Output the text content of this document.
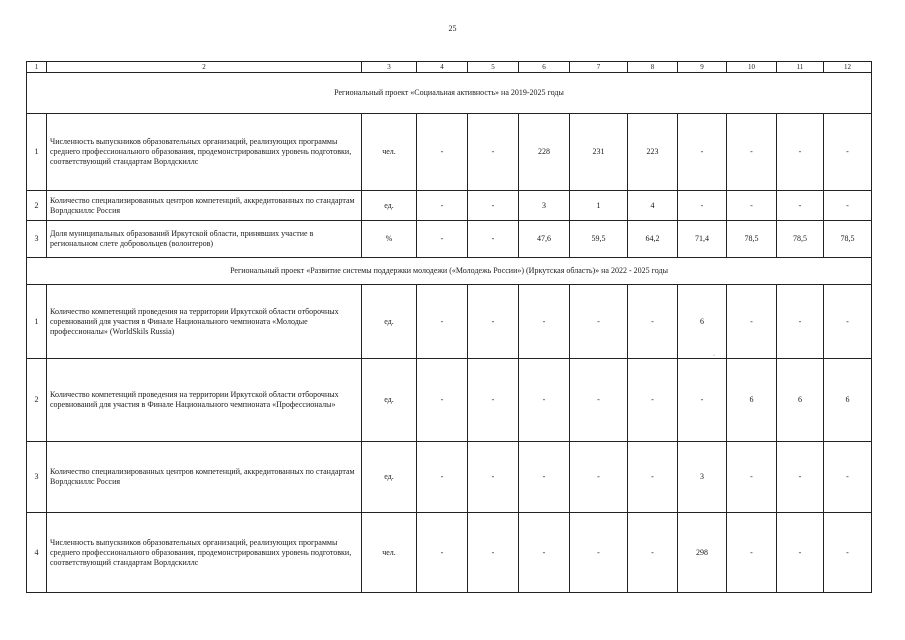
25
1	2	3	4	5	6	7	8	9	10	11	12
Региональный проект «Социальная активность» на 2019-2025 годы											
1	Численность выпускников образовательных организаций, реализующих программы среднего профессионального образования, продемонстрировавших уровень подготовки, соответствующий стандартам Ворлдскиллс	чел.	-	-	228	231	223	-	-	-	-
2	Количество специализированных центров компетенций, аккредитованных по стандартам Ворлдскиллс Россия	ед.	-	-	3	1	4	-	-	-	-
3	Доля муниципальных образований Иркутской области, принявших участие в региональном слете добровольцев (волонтеров)	%	-	-	47,6	59,5	64,2	71,4	78,5	78,5	78,5
Региональный проект «Развитие системы поддержки молодежи («Молодежь России») (Иркутская область)» на 2022 - 2025 годы											
1	Количество компетенций проведения на территории Иркутской области отборочных соревнований для участия в Финале Национального чемпионата «Молодые профессионалы» (WorldSkils Russia)	ед.	-	-	-	-	-	6	-	-	-
2	Количество компетенций проведения на территории Иркутской области отборочных соревнований для участия в Финале Национального чемпионата «Профессионалы»	ед.	-	-	-	-	-	-	6	6	6
3	Количество специализированных центров компетенций, аккредитованных по стандартам Ворлдскиллс Россия	ед.	-	-	-	-	-	3	-	-	-
4	Численность выпускников образовательных организаций, реализующих программы среднего профессионального образования, продемонстрировавших уровень подготовки, соответствующий стандартам Ворлдскиллс	чел.	-	-	-	-	-	298	-	-	-
·
